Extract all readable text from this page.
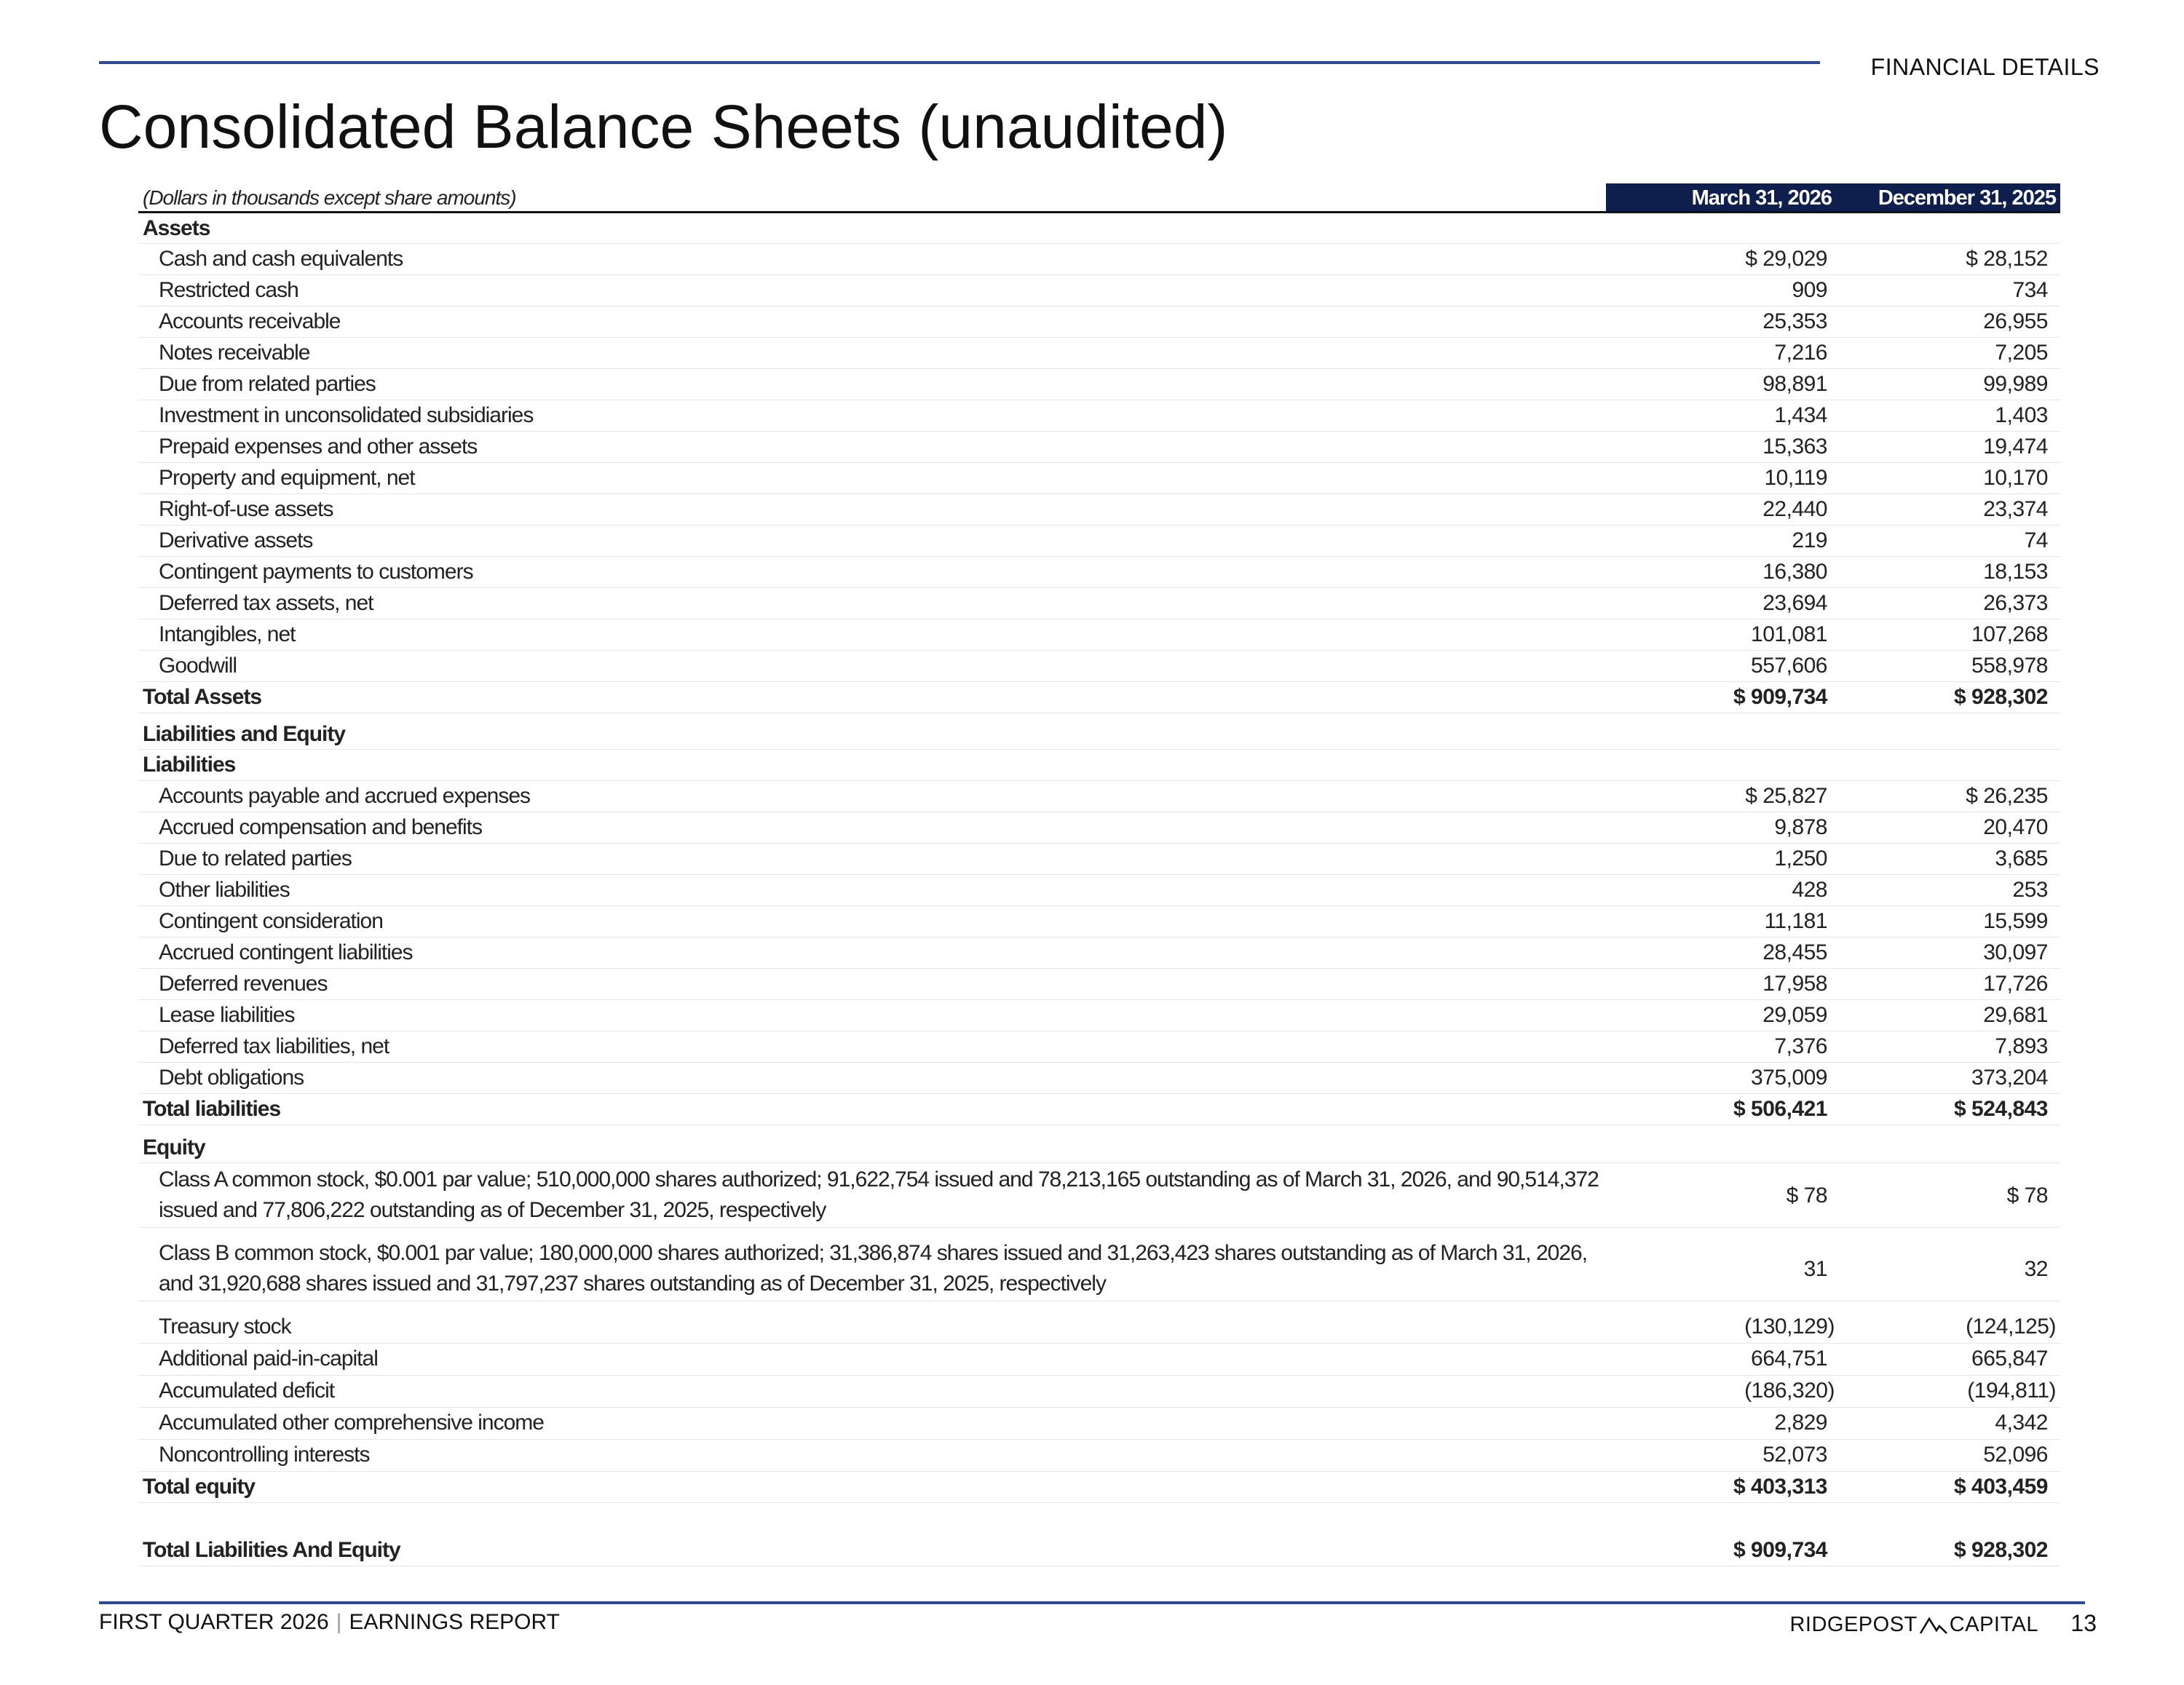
FINANCIAL DETAILS
Consolidated Balance Sheets (unaudited)
(Dollars in thousands except share amounts)	March 31, 2026 December 31, 2025
Assets
Cash and cash equivalents	$ 29,029	$ 28,152
Restricted cash	909	734
Accounts receivable	25,353	26,955
Notes receivable	7,216	7,205
Due from related parties	98,891	99,989
Investment in unconsolidated subsidiaries	1,434	1,403
Prepaid expenses and other assets	15,363	19,474
Property and equipment, net	10,119	10,170
Right-of-use assets	22,440	23,374
Derivative assets	219	74
Contingent payments to customers	16,380	18,153
Deferred tax assets, net	23,694	26,373
Intangibles, net	101,081	107,268
Goodwill	557,606	558,978
Total Assets	$ 909,734	$ 928,302
Liabilities and Equity
Liabilities
Accounts payable and accrued expenses	$ 25,827	$ 26,235
Accrued compensation and benefits	9,878	20,470
Due to related parties	1,250	3,685
Other liabilities	428	253
Contingent consideration	11,181	15,599
Accrued contingent liabilities	28,455	30,097
Deferred revenues	17,958	17,726
Lease liabilities	29,059	29,681
Deferred tax liabilities, net	7,376	7,893
Debt obligations	375,009	373,204
Total liabilities	$ 506,421	$ 524,843
Equity
Class A common stock, $0.001 par value; 510,000,000 shares authorized; 91,622,754 issued and 78,213,165 outstanding as of March 31, 2026, and 90,514,372 issued and 77,806,222 outstanding as of December 31, 2025, respectively
$ 78	$ 78
Class B common stock, $0.001 par value; 180,000,000 shares authorized; 31,386,874 shares issued and 31,263,423 shares outstanding as of March 31, 2026, and 31,920,688 shares issued and 31,797,237 shares outstanding as of December 31, 2025, respectively
31	32
Treasury stock	(130,129)	(124,125)
Additional paid-in-capital	664,751	665,847
Accumulated deficit	(186,320)	(194,811)
Accumulated other comprehensive income	2,829	4,342
Noncontrolling interests	52,073	52,096
Total equity	$ 403,313	$ 403,459
Total Liabilities And Equity	$ 909,734	$ 928,302
FIRST QUARTER 2026 | EARNINGS REPORT	RIDGEPOST CAPITAL 13
